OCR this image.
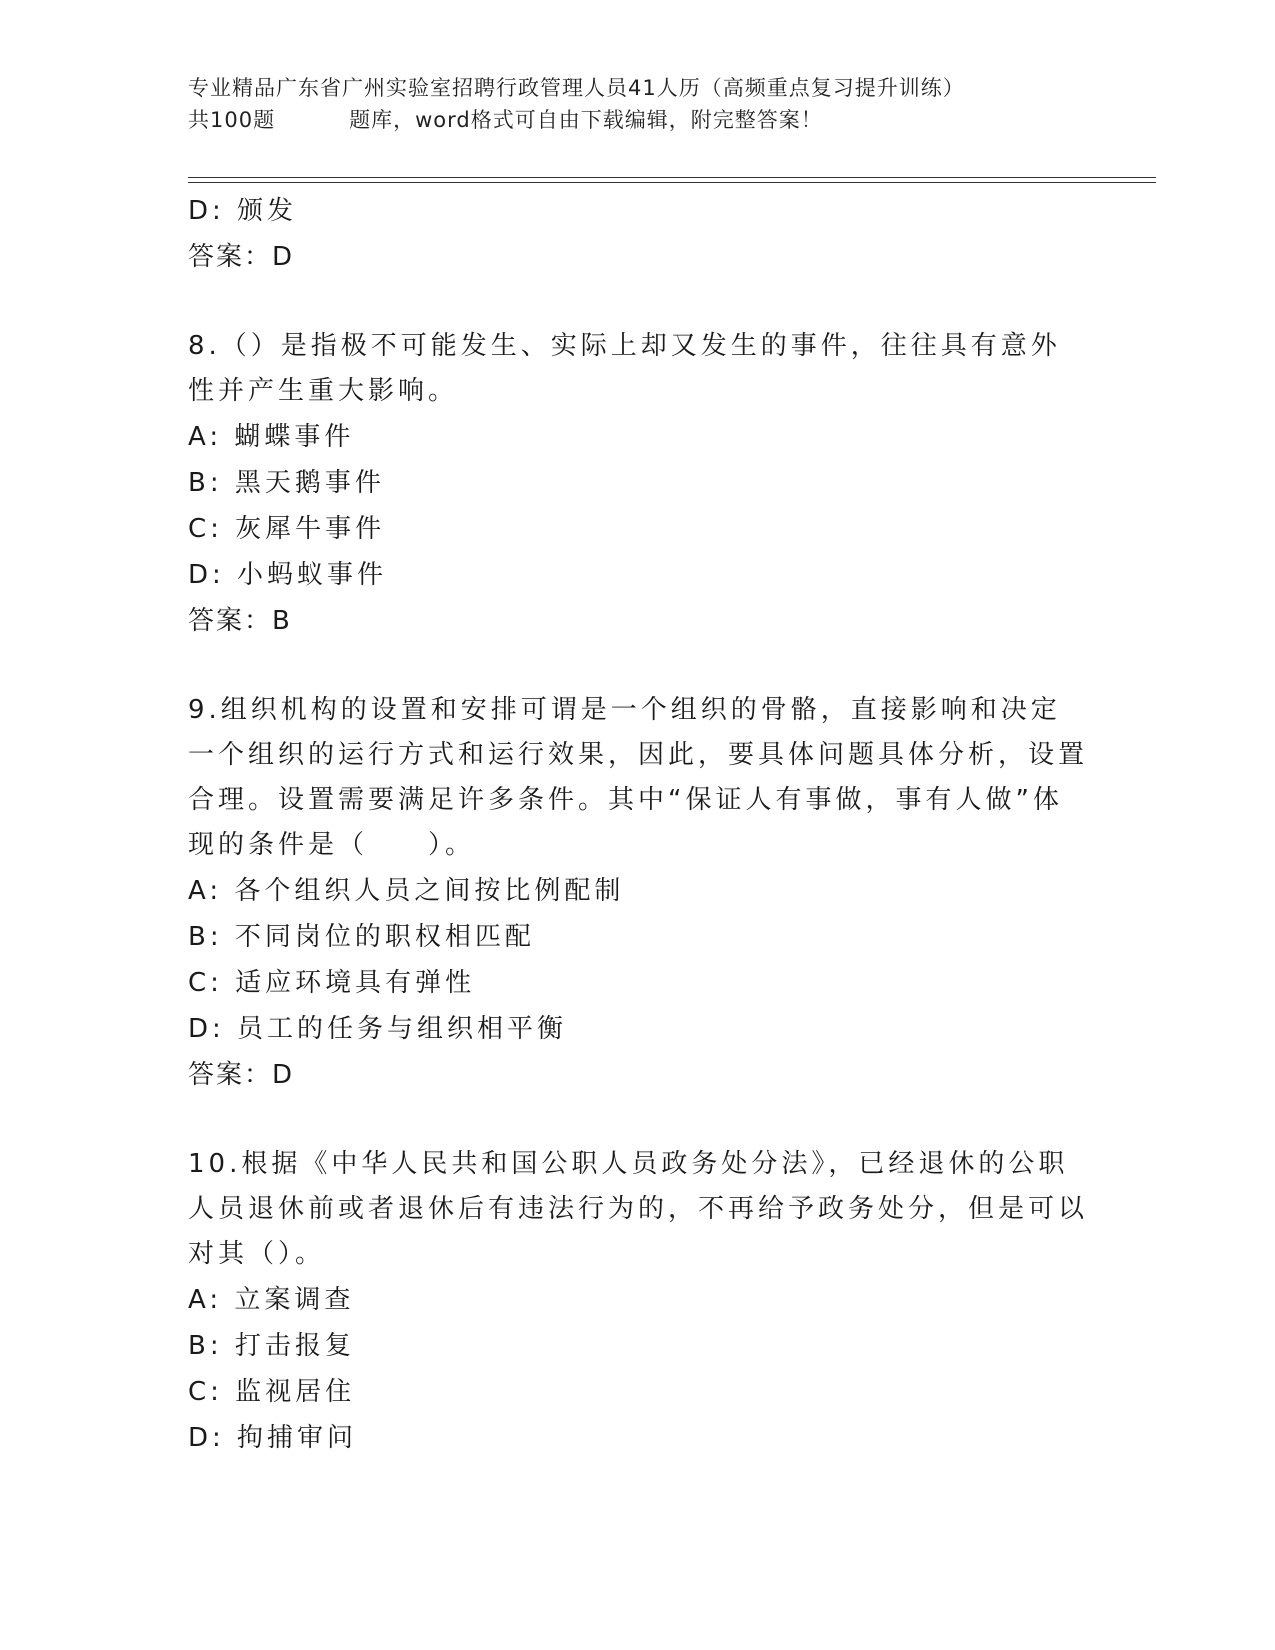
专业精品广东省广州实验室招聘行政管理人员41人历（高频重点复习提升训练）
共100题	题库，word格式可自由下载编辑，附完整答案！
D: 颁发
答案：D
8.（）是指极不可能发生、实际上却又发生的事件，往往具有意外性并产生重大影响。
A: 蝴蝶事件
B: 黑天鹅事件
C: 灰犀牛事件
D: 小蚂蚁事件
答案：B
9.组织机构的设置和安排可谓是一个组织的骨骼，直接影响和决定一个组织的运行方式和运行效果，因此，要具体问题具体分析，设置合理。设置需要满足许多条件。其中“保证人有事做，事有人做”体现的条件是（ ）。
A: 各个组织人员之间按比例配制
B: 不同岗位的职权相匹配
C: 适应环境具有弹性
D: 员工的任务与组织相平衡
答案：D
10.根据《中华人民共和国公职人员政务处分法》，已经退休的公职人员退休前或者退休后有违法行为的，不再给予政务处分，但是可以对其（）。
A: 立案调查
B: 打击报复
C: 监视居住
D: 拘捕审问
